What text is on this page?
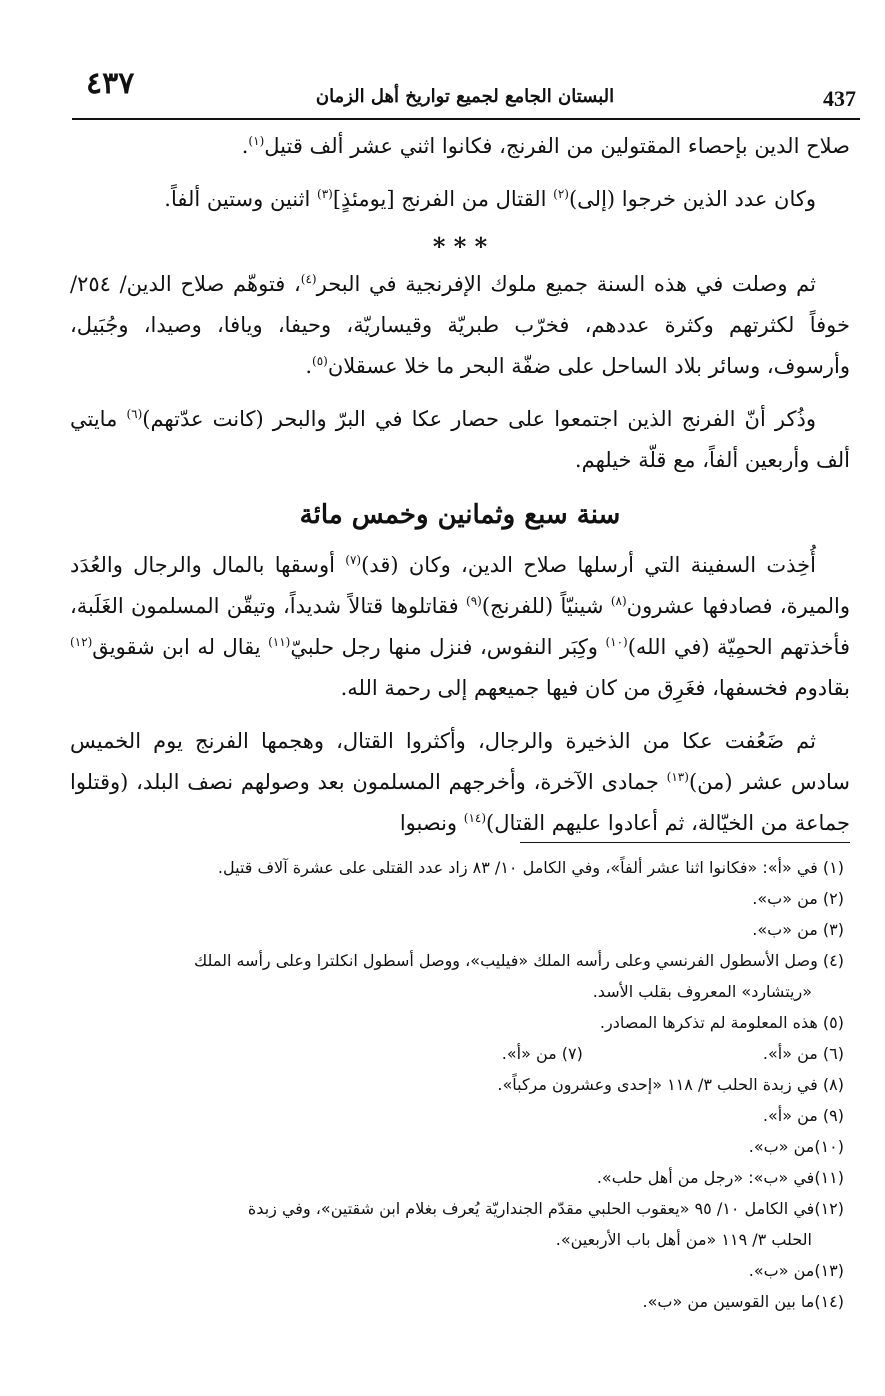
٤٣٧	البستان الجامع لجميع تواريخ أهل الزمان	437

صلاح الدين بإحصاء المقتولين من الفرنج، فكانوا اثني عشر ألف قتيل$^{(١)}$.

وكان عدد الذين خرجوا (إلى)$^{(٢)}$ القتال من الفرنج [يومئذٍ]$^{(٣)}$ اثنين وستين ألفاً.

* * *

ثم وصلت في هذه السنة جميع ملوك الإفرنجية في البحر$^{(٤)}$، فتوهّم صلاح الدين/ ٢٥٤/ خوفاً لكثرتهم وكثرة عددهم، فخرّب طبريّة وقيساريّة، وحيفا، ويافا، وصيدا، وجُبَيل، وأرسوف، وسائر بلاد الساحل على ضفّة البحر ما خلا عسقلان$^{(٥)}$.

وذُكر أنّ الفرنج الذين اجتمعوا على حصار عكا في البرّ والبحر (كانت عدّتهم)$^{(٦)}$ مايتي ألف وأربعين ألفاً، مع قلّة خيلهم.

سنة سبع وثمانين وخمس مائة

أُخِذت السفينة التي أرسلها صلاح الدين، وكان (قد)$^{(٧)}$ أوسقها بالمال والرجال والعُدَد والميرة، فصادفها عشرون$^{(٨)}$ شينيّاً (للفرنج)$^{(٩)}$ فقاتلوها قتالاً شديداً، وتيقّن المسلمون الغَلَبة، فأخذتهم الحمِيّة (في الله)$^{(١٠)}$ وكِبَر النفوس، فنزل منها رجل حلبيّ$^{(١١)}$ يقال له ابن شقويق$^{(١٢)}$ بقادوم فخسفها، فغَرِق من كان فيها جميعهم إلى رحمة الله.

ثم ضَعُفت عكا من الذخيرة والرجال، وأكثروا القتال، وهجمها الفرنج يوم الخميس سادس عشر (من)$^{(١٣)}$ جمادى الآخرة، وأخرجهم المسلمون بعد وصولهم نصف البلد، (وقتلوا جماعة من الخيّالة، ثم أعادوا عليهم القتال)$^{(١٤)}$ ونصبوا

(١) في «أ»: «فكانوا اثنا عشر ألفاً»، وفي الكامل ١٠/ ٨٣ زاد عدد القتلى على عشرة آلاف قتيل.

(٢) من «ب».

(٣) من «ب».

(٤) وصل الأسطول الفرنسي وعلى رأسه الملك «فيليب»، ووصل أسطول انكلترا وعلى رأسه الملك

«ريتشارد» المعروف بقلب الأسد.

(٥) هذه المعلومة لم تذكرها المصادر.

(٦) من «أ».
(٧) من «أ».

(٨) في زبدة الحلب ٣/ ١١٨ «إحدى وعشرون مركباً».

(٩) من «أ».

(١٠)من «ب».

(١١)في «ب»: «رجل من أهل حلب».

(١٢)في الكامل ١٠/ ٩٥ «يعقوب الحلبي مقدّم الجنداريّة يُعرف بغلام ابن شقتين»، وفي زبدة

الحلب ٣/ ١١٩ «من أهل باب الأربعين».

(١٣)من «ب».

(١٤)ما بين القوسين من «ب».
